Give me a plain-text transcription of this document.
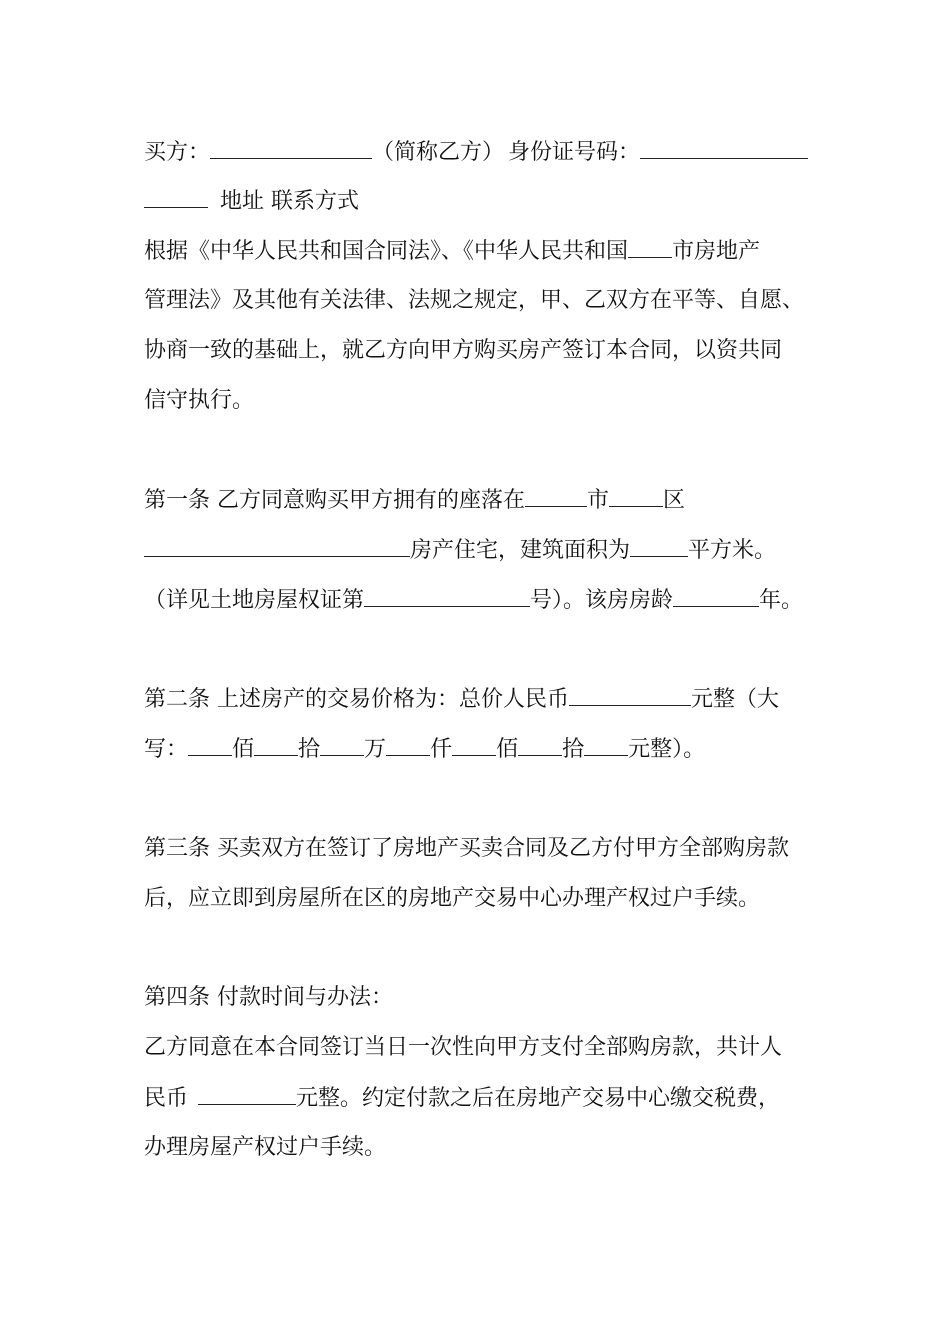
买方：	（简称乙方） 身份证号码：
地址 联系方式
根据《中华人民共和国合同法》、《中华人民共和国 市房地产
管理法》及其他有关法律、法规之规定，甲、乙双方在平等、自愿、
协商一致的基础上，就乙方向甲方购买房产签订本合同，以资共同
信守执行。
第一条 乙方同意购买甲方拥有的座落在	市 区
房产住宅，建筑面积为	平方米。
（详见土地房屋权证第	号）。该房房龄	年。
第二条 上述房产的交易价格为：总价人民币	元整（大
写： 佰 拾 万 仟 佰 拾 元整）。
第三条 买卖双方在签订了房地产买卖合同及乙方付甲方全部购房款
后，应立即到房屋所在区的房地产交易中心办理产权过户手续。
第四条 付款时间与办法：
乙方同意在本合同签订当日一次性向甲方支付全部购房款，共计人
民币	元整。约定付款之后在房地产交易中心缴交税费，
办理房屋产权过户手续。
